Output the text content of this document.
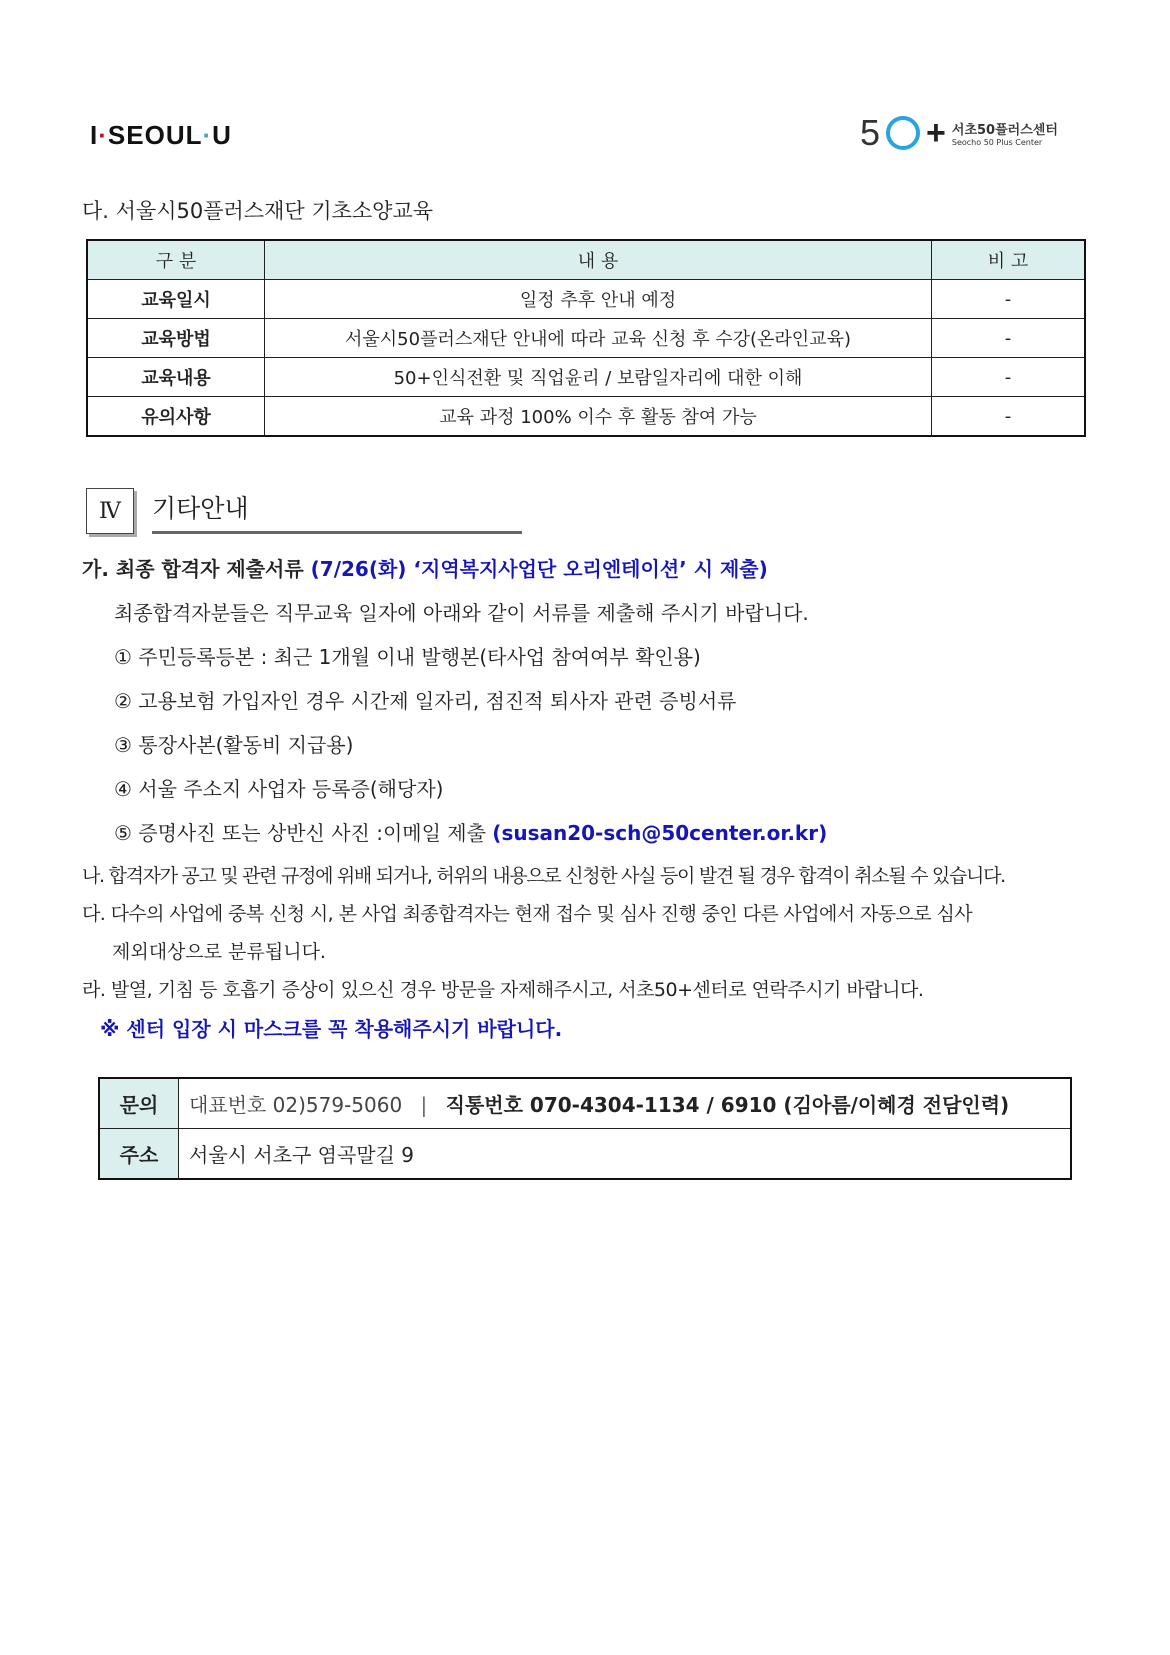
I·SEOUL·U	5 + 서초50플러스센터
Seocho 50 Plus Center
다. 서울시50플러스재단 기초소양교육
구 분	내 용	비 고
교육일시	일정 추후 안내 예정	-
교육방법	서울시50플러스재단 안내에 따라 교육 신청 후 수강(온라인교육)	-
교육내용	50+인식전환 및 직업윤리 / 보람일자리에 대한 이해	-
유의사항	교육 과정 100% 이수 후 활동 참여 가능	-
Ⅳ	기타안내
가. 최종 합격자 제출서류 (7/26(화) ‘지역복지사업단 오리엔테이션’ 시 제출)
최종합격자분들은 직무교육 일자에 아래와 같이 서류를 제출해 주시기 바랍니다.
① 주민등록등본 : 최근 1개월 이내 발행본(타사업 참여여부 확인용)
② 고용보험 가입자인 경우 시간제 일자리, 점진적 퇴사자 관련 증빙서류
③ 통장사본(활동비 지급용)
④ 서울 주소지 사업자 등록증(해당자)
⑤ 증명사진 또는 상반신 사진 :이메일 제출 (susan20-sch@50center.or.kr)
나. 합격자가 공고 및 관련 규정에 위배 되거나, 허위의 내용으로 신청한 사실 등이 발견 될 경우 합격이 취소될 수 있습니다.
다. 다수의 사업에 중복 신청 시, 본 사업 최종합격자는 현재 접수 및 심사 진행 중인 다른 사업에서 자동으로 심사
제외대상으로 분류됩니다.
라. 발열, 기침 등 호흡기 증상이 있으신 경우 방문을 자제해주시고, 서초50+센터로 연락주시기 바랍니다.
※ 센터 입장 시 마스크를 꼭 착용해주시기 바랍니다.
문의	대표번호 02)579-5060 | 직통번호 070-4304-1134 / 6910 (김아름/이혜경 전담인력)
주소	서울시 서초구 염곡말길 9
